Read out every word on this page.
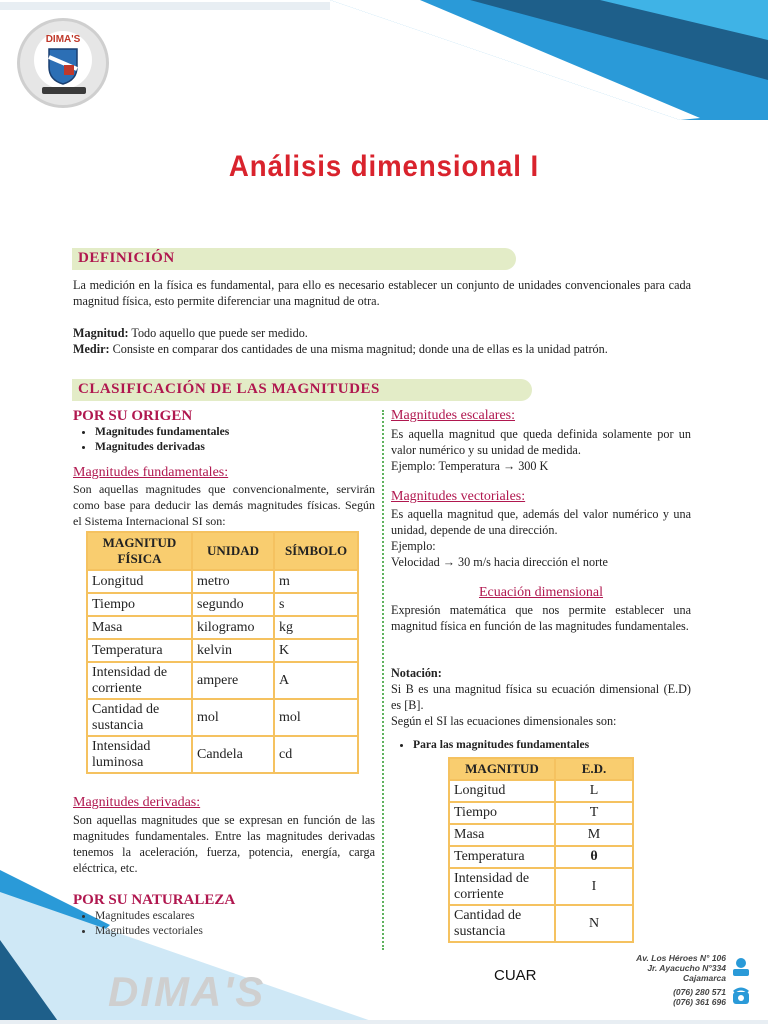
DIMA'S
Análisis dimensional I
DEFINICIÓN
La medición en la física es fundamental, para ello es necesario establecer un conjunto de unidades convencionales para cada magnitud física, esto permite diferenciar una magnitud de otra.
Magnitud: Todo aquello que puede ser medido.
Medir: Consiste en comparar dos cantidades de una misma magnitud; donde una de ellas es la unidad patrón.
CLASIFICACIÓN DE LAS MAGNITUDES
POR SU ORIGEN
• Magnitudes fundamentales
• Magnitudes derivadas
Magnitudes fundamentales:
Son aquellas magnitudes que convencionalmente, servirán como base para deducir las demás magnitudes físicas. Según el Sistema Internacional SI son:
MAGNITUD FÍSICA	UNIDAD	SÍMBOLO
Longitud	metro	m
Tiempo	segundo	s
Masa	kilogramo	kg
Temperatura	kelvin	K
Intensidad de corriente	ampere	A
Cantidad de sustancia	mol	mol
Intensidad luminosa	Candela	cd
Magnitudes derivadas:
Son aquellas magnitudes que se expresan en función de las magnitudes fundamentales. Entre las magnitudes derivadas tenemos la aceleración, fuerza, potencia, energía, carga eléctrica, etc.
POR SU NATURALEZA
• Magnitudes escalares
• Magnitudes vectoriales
Magnitudes escalares:
Es aquella magnitud que queda definida solamente por un valor numérico y su unidad de medida.
Ejemplo: Temperatura → 300 K
Magnitudes vectoriales:
Es aquella magnitud que, además del valor numérico y una unidad, depende de una dirección.
Ejemplo:
Velocidad → 30 m/s hacia dirección el norte
Ecuación dimensional
Expresión matemática que nos permite establecer una magnitud física en función de las magnitudes fundamentales.
Notación:
Si B es una magnitud física su ecuación dimensional (E.D) es [B].
Según el SI las ecuaciones dimensionales son:
• Para las magnitudes fundamentales
MAGNITUD	E.D.
Longitud	L
Tiempo	T
Masa	M
Temperatura	θ
Intensidad de corriente	I
Cantidad de sustancia	N
DIMA'S	CUAR
Av. Los Héroes N° 106
Jr. Ayacucho N°334
Cajamarca
(076) 280 571
(076) 361 696
